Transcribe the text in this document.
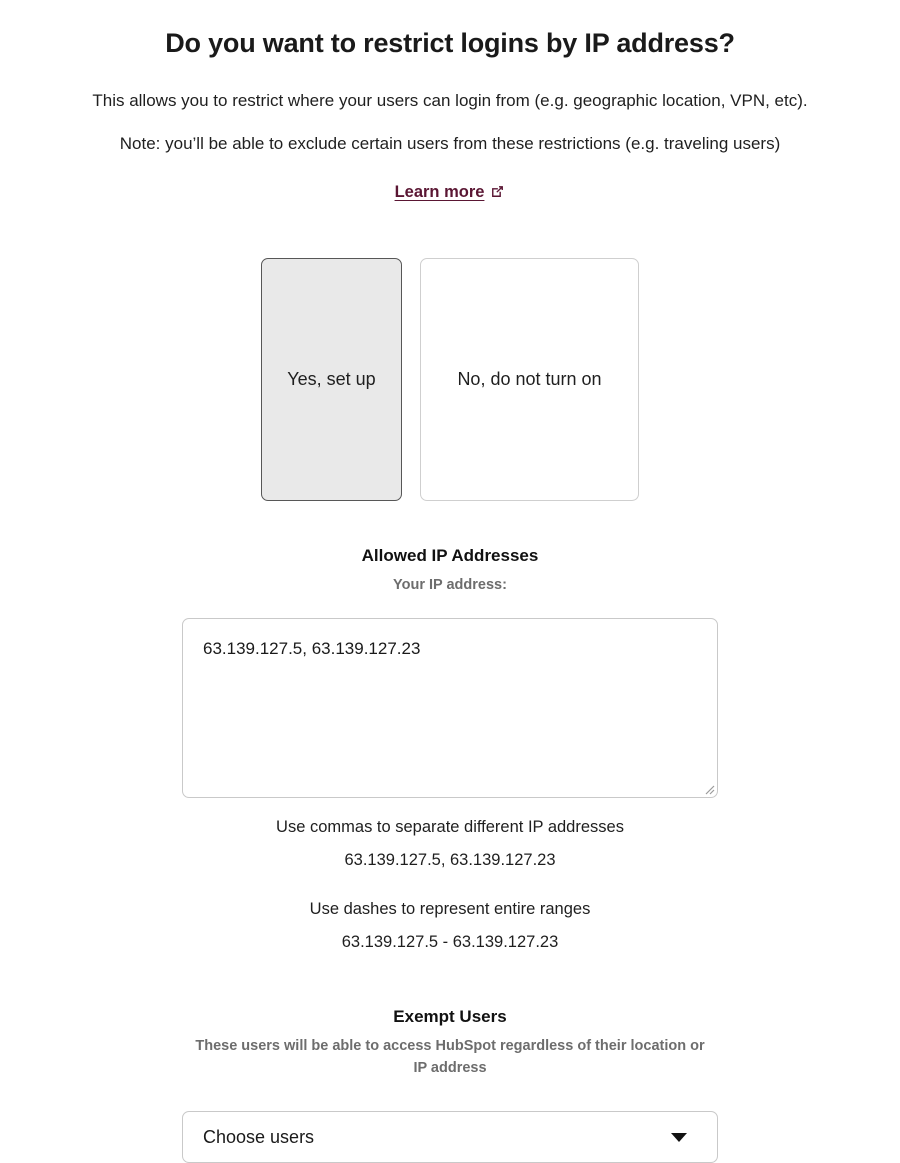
Do you want to restrict logins by IP address?

This allows you to restrict where your users can login from (e.g. geographic location, VPN, etc).

Note: you’ll be able to exclude certain users from these restrictions (e.g. traveling users)

Learn more
Yes, set up	No, do not turn on
Allowed IP Addresses

Your IP address:

63.139.127.5, 63.139.127.23

Use commas to separate different IP addresses

63.139.127.5, 63.139.127.23

Use dashes to represent entire ranges

63.139.127.5 - 63.139.127.23

Exempt Users

These users will be able to access HubSpot regardless of their location or IP address

Choose users
